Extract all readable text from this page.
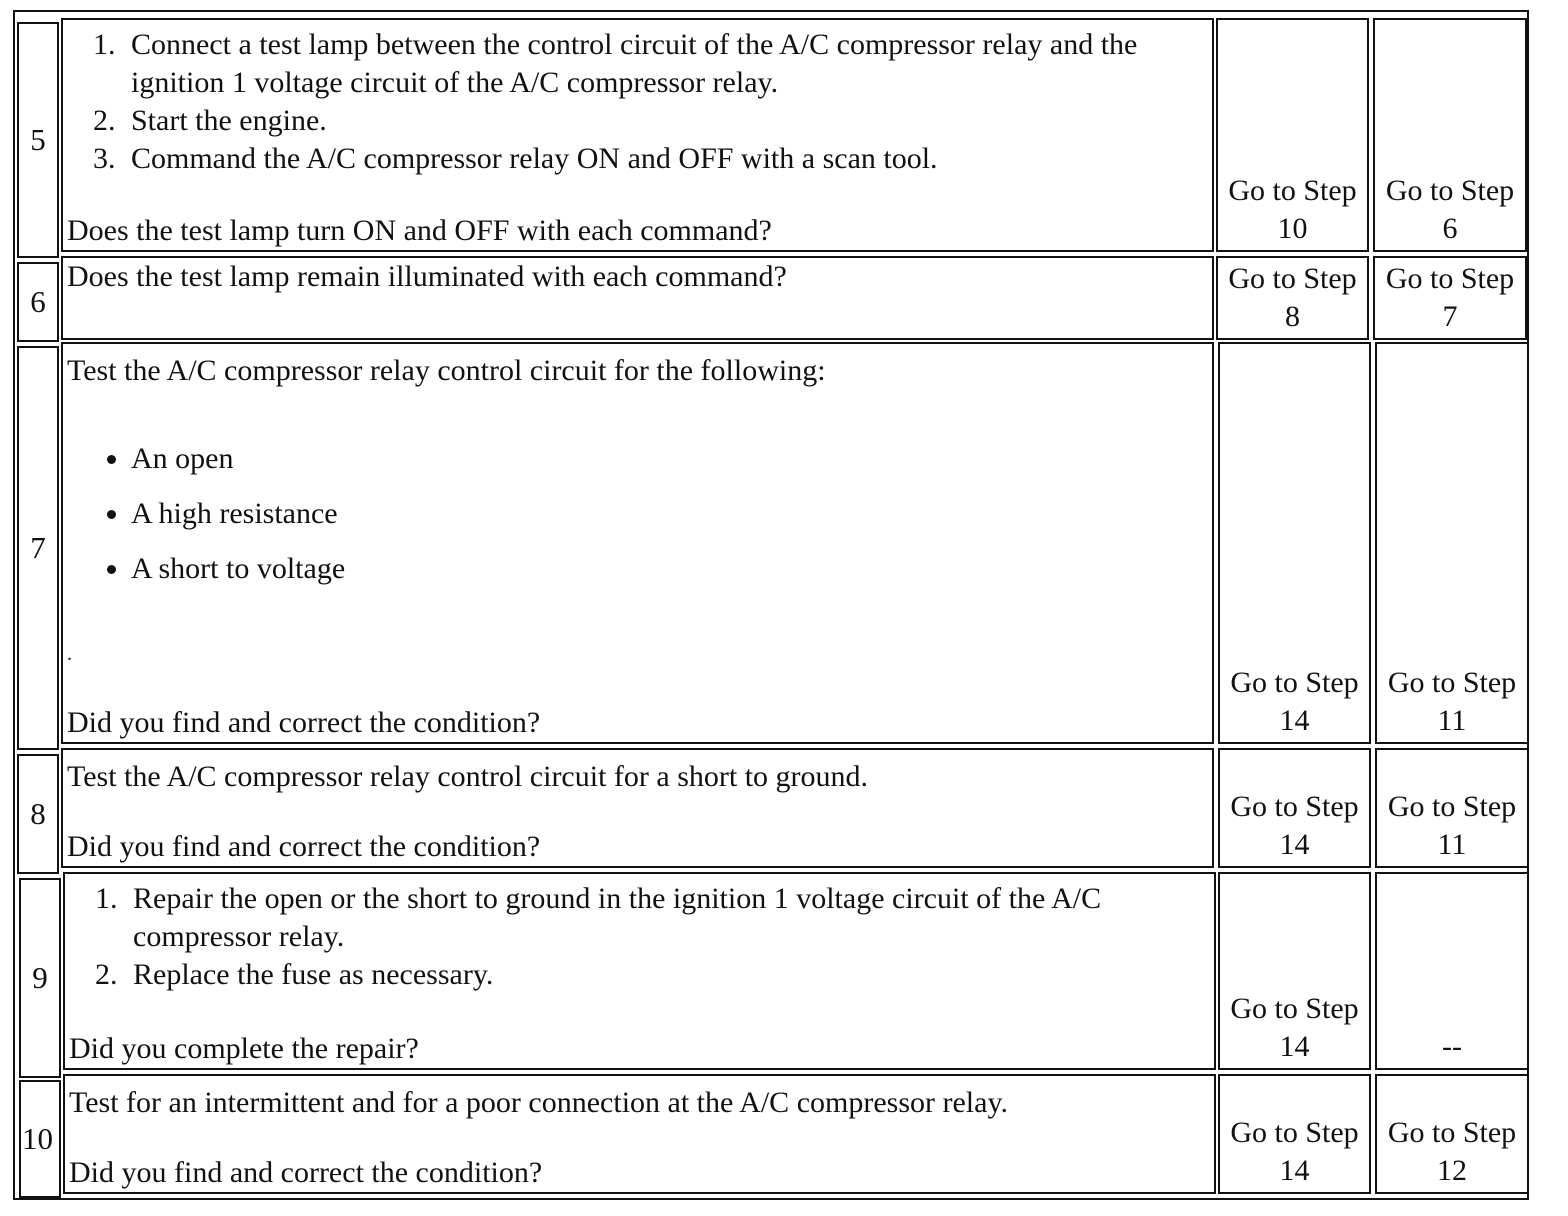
5
1. Connect a test lamp between the control circuit of the A/C compressor relay and the ignition 1 voltage circuit of the A/C compressor relay.
2. Start the engine.
3. Command the A/C compressor relay ON and OFF with a scan tool.
Does the test lamp turn ON and OFF with each command?
Go to Step 10
Go to Step 6
6
Does the test lamp remain illuminated with each command?	Go to Step 8
Go to Step 7
7
Test the A/C compressor relay control circuit for the following:
• An open
• A high resistance
• A short to voltage
.
Did you find and correct the condition?
Go to Step 14
Go to Step 11
8
Test the A/C compressor relay control circuit for a short to ground.
Did you find and correct the condition?
Go to Step 14
Go to Step 11
9
1. Repair the open or the short to ground in the ignition 1 voltage circuit of the A/C compressor relay.
2. Replace the fuse as necessary.
Did you complete the repair?
Go to Step 14	--
10
Test for an intermittent and for a poor connection at the A/C compressor relay.
Did you find and correct the condition?
Go to Step 14
Go to Step 12
